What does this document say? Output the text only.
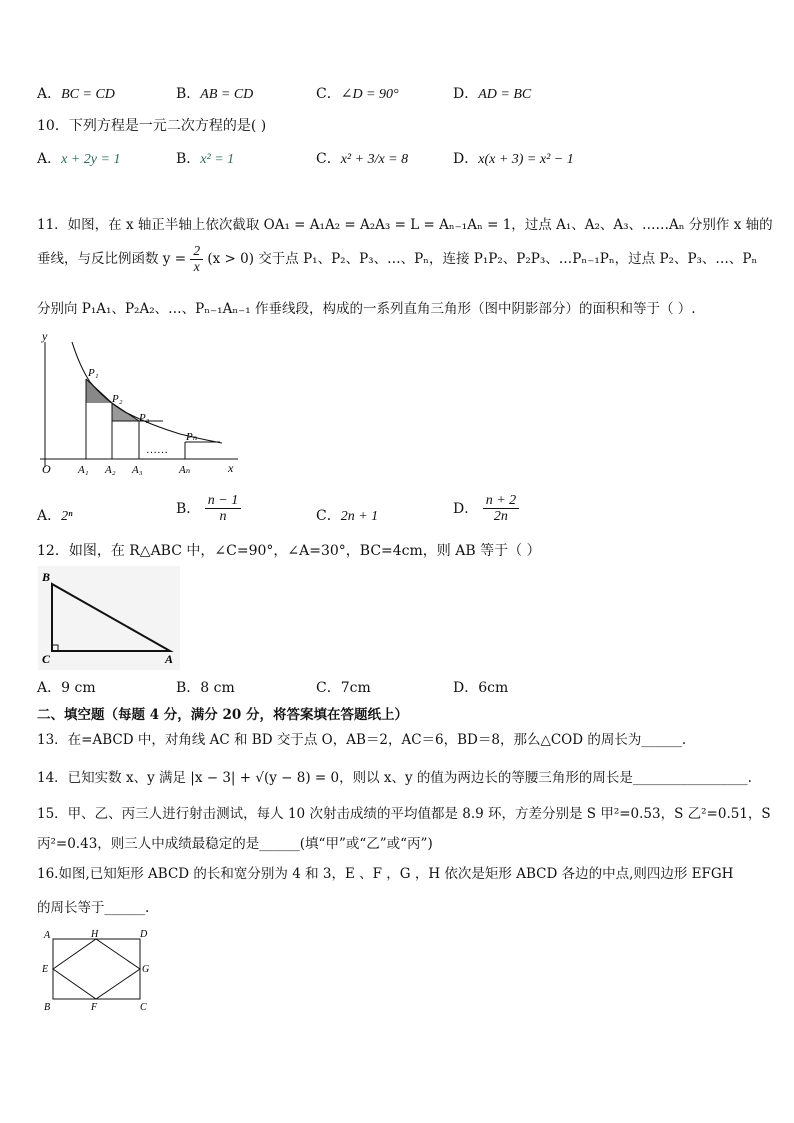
A．BC = CD	B．AB = CD	C．∠D = 90°	D．AD = BC
10．下列方程是一元二次方程的是( )
A．x + 2y = 1	B．x² = 1	C．x² + 3/x = 8	D．x(x + 3) = x² − 1
11．如图，在 x 轴正半轴上依次截取 OA₁ = A₁A₂ = A₂A₃ = L = Aₙ₋₁Aₙ = 1，过点 A₁、A₂、A₃、……Aₙ 分别作 x 轴的
垂线，与反比例函数 $y = \frac{2}{x} (x > 0)$ 交于点 P₁、P₂、P₃、…、Pₙ，连接 P₁P₂、P₂P₃、…Pₙ₋₁Pₙ，过点 P₂、P₃、…、Pₙ
分别向 P₁A₁、P₂A₂、…、Pₙ₋₁Aₙ₋₁ 作垂线段，构成的一系列直角三角形（图中阴影部分）的面积和等于（ ）.
y
x
O
P₁
P₂
P₃
Pₙ
A₁ A₂ A₃	Aₙ
……
A．2ⁿ	B． $\frac{n - 1}{n}$	C．2n + 1	D． $\frac{n + 2}{2n}$
12．如图，在 R△ABC 中，∠C=90°，∠A=30°，BC=4cm，则 AB 等于（ ）
B
C	A
A．9 cm	B．8 cm	C．7cm	D．6cm
二、填空题（每题 4 分，满分 20 分，将答案填在答题纸上）
13．在=ABCD 中，对角线 AC 和 BD 交于点 O，AB＝2，AC＝6，BD＝8，那么△COD 的周长为______.
14．已知实数 x、y 满足 |x − 3| + √(y − 8) = 0，则以 x、y 的值为两边长的等腰三角形的周长是_________________.
15．甲、乙、丙三人进行射击测试，每人 10 次射击成绩的平均值都是 8.9 环，方差分别是 S 甲²=0.53，S 乙²=0.51，S
丙²=0.43，则三人中成绩最稳定的是______(填“甲”或“乙”或“丙”)
16.如图,已知矩形 ABCD 的长和宽分别为 4 和 3，E 、F ，G ，H 依次是矩形 ABCD 各边的中点,则四边形 EFGH
的周长等于______.
A	H	D
E	G
B	F	C
